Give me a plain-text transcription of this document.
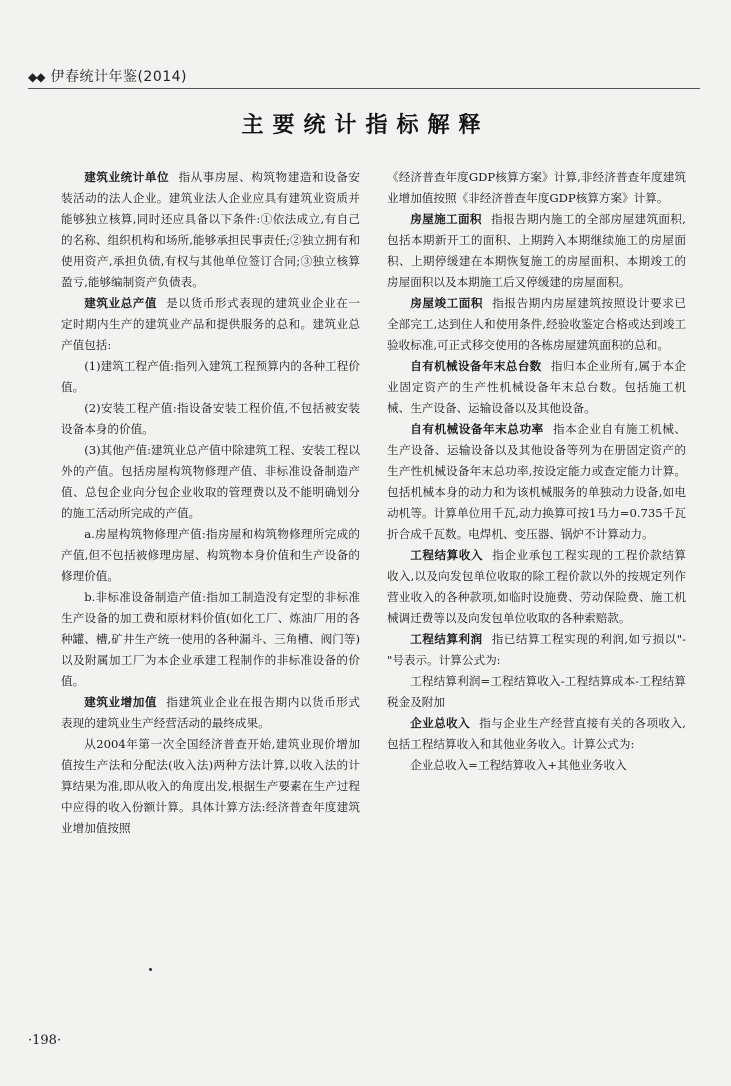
◆◆ 伊春统计年鉴(2014)
主要统计指标解释

建筑业统计单位 指从事房屋、构筑物建造和设备安装活动的法人企业。建筑业法人企业应具有建筑业资质并能够独立核算,同时还应具备以下条件:①依法成立,有自己的名称、组织机构和场所,能够承担民事责任;②独立拥有和使用资产,承担负债,有权与其他单位签订合同;③独立核算盈亏,能够编制资产负债表。

建筑业总产值 是以货币形式表现的建筑业企业在一定时期内生产的建筑业产品和提供服务的总和。建筑业总产值包括:

(1)建筑工程产值:指列入建筑工程预算内的各种工程价值。

(2)安装工程产值:指设备安装工程价值,不包括被安装设备本身的价值。

(3)其他产值:建筑业总产值中除建筑工程、安装工程以外的产值。包括房屋构筑物修理产值、非标准设备制造产值、总包企业向分包企业收取的管理费以及不能明确划分的施工活动所完成的产值。

a.房屋构筑物修理产值:指房屋和构筑物修理所完成的产值,但不包括被修理房屋、构筑物本身价值和生产设备的修理价值。

b.非标准设备制造产值:指加工制造没有定型的非标准生产设备的加工费和原材料价值(如化工厂、炼油厂用的各种罐、槽,矿井生产统一使用的各种漏斗、三角槽、阀门等)以及附属加工厂为本企业承建工程制作的非标准设备的价值。

建筑业增加值 指建筑业企业在报告期内以货币形式表现的建筑业生产经营活动的最终成果。

从2004年第一次全国经济普查开始,建筑业现价增加值按生产法和分配法(收入法)两种方法计算,以收入法的计算结果为准,即从收入的角度出发,根据生产要素在生产过程中应得的收入份额计算。具体计算方法:经济普查年度建筑业增加值按照

《经济普查年度GDP核算方案》计算,非经济普查年度建筑业增加值按照《非经济普查年度GDP核算方案》计算。

房屋施工面积 指报告期内施工的全部房屋建筑面积,包括本期新开工的面积、上期跨入本期继续施工的房屋面积、上期停缓建在本期恢复施工的房屋面积、本期竣工的房屋面积以及本期施工后又停缓建的房屋面积。

房屋竣工面积 指报告期内房屋建筑按照设计要求已全部完工,达到住人和使用条件,经验收鉴定合格或达到竣工验收标准,可正式移交使用的各栋房屋建筑面积的总和。

自有机械设备年末总台数 指归本企业所有,属于本企业固定资产的生产性机械设备年末总台数。包括施工机械、生产设备、运输设备以及其他设备。

自有机械设备年末总功率 指本企业自有施工机械、生产设备、运输设备以及其他设备等列为在册固定资产的生产性机械设备年末总功率,按设定能力或查定能力计算。包括机械本身的动力和为该机械服务的单独动力设备,如电动机等。计算单位用千瓦,动力换算可按1马力=0.735千瓦折合成千瓦数。电焊机、变压器、锅炉不计算动力。

工程结算收入 指企业承包工程实现的工程价款结算收入,以及向发包单位收取的除工程价款以外的按规定列作营业收入的各种款项,如临时设施费、劳动保险费、施工机械调迁费等以及向发包单位收取的各种索赔款。

工程结算利润 指已结算工程实现的利润,如亏损以"-"号表示。计算公式为:

工程结算利润=工程结算收入-工程结算成本-工程结算税金及附加

企业总收入 指与企业生产经营直接有关的各项收入,包括工程结算收入和其他业务收入。计算公式为:

企业总收入=工程结算收入+其他业务收入

·198·
